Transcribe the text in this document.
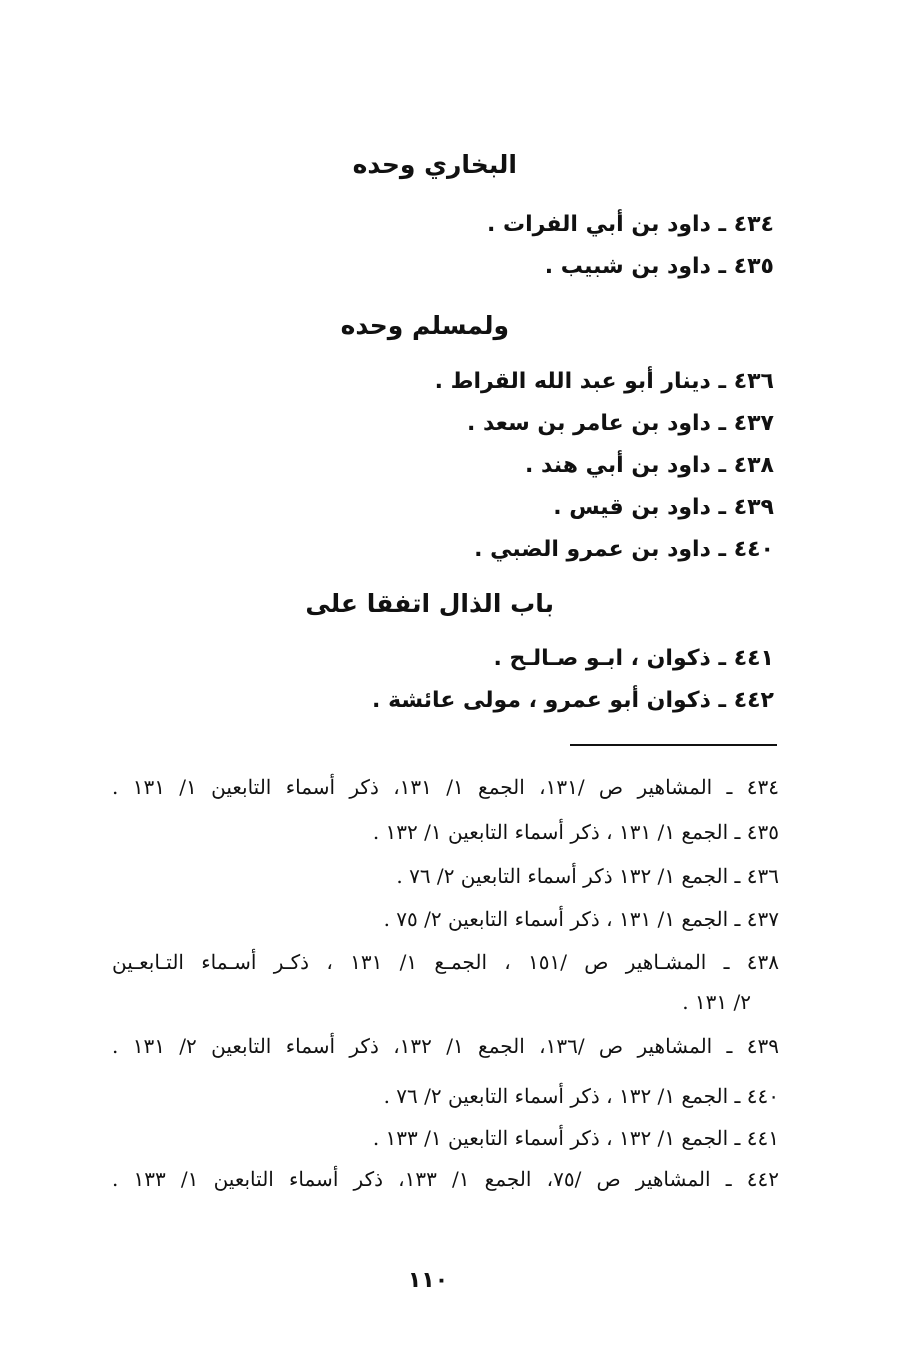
البخاري وحده
٤٣٤ ـ داود بن أبي الفرات .
٤٣٥ ـ داود بن شبيب .
ولمسلم وحده
٤٣٦ ـ دينار أبو عبد الله القراط .
٤٣٧ ـ داود بن عامر بن سعد .
٤٣٨ ـ داود بن أبي هند .
٤٣٩ ـ داود بن قيس .
٤٤٠ ـ داود بن عمرو الضبي .
باب الذال اتفقا على
٤٤١ ـ ذكوان ، ابـو صـالـح .
٤٤٢ ـ ذكوان أبو عمرو ، مولى عائشة .
٤٣٤ ـ المشاهير ص /١٣١، الجمع ١/ ١٣١، ذكر أسماء التابعين ١/ ١٣١ .
٤٣٥ ـ الجمع ١/ ١٣١ ، ذكر أسماء التابعين ١/ ١٣٢ .
٤٣٦ ـ الجمع ١/ ١٣٢ ذكر أسماء التابعين ٢/ ٧٦ .
٤٣٧ ـ الجمع ١/ ١٣١ ، ذكر أسماء التابعين ٢/ ٧٥ .
٤٣٨ ـ المشـاهير ص /١٥١ ، الجمـع ١/ ١٣١ ، ذكـر أسـماء التـابعـين
٢/ ١٣١ .
٤٣٩ ـ المشاهير ص /١٣٦، الجمع ١/ ١٣٢، ذكر أسماء التابعين ٢/ ١٣١ .
٤٤٠ ـ الجمع ١/ ١٣٢ ، ذكر أسماء التابعين ٢/ ٧٦ .
٤٤١ ـ الجمع ١/ ١٣٢ ، ذكر أسماء التابعين ١/ ١٣٣ .
٤٤٢ ـ المشاهير ص /٧٥، الجمع ١/ ١٣٣، ذكر أسماء التابعين ١/ ١٣٣ .
١١٠
